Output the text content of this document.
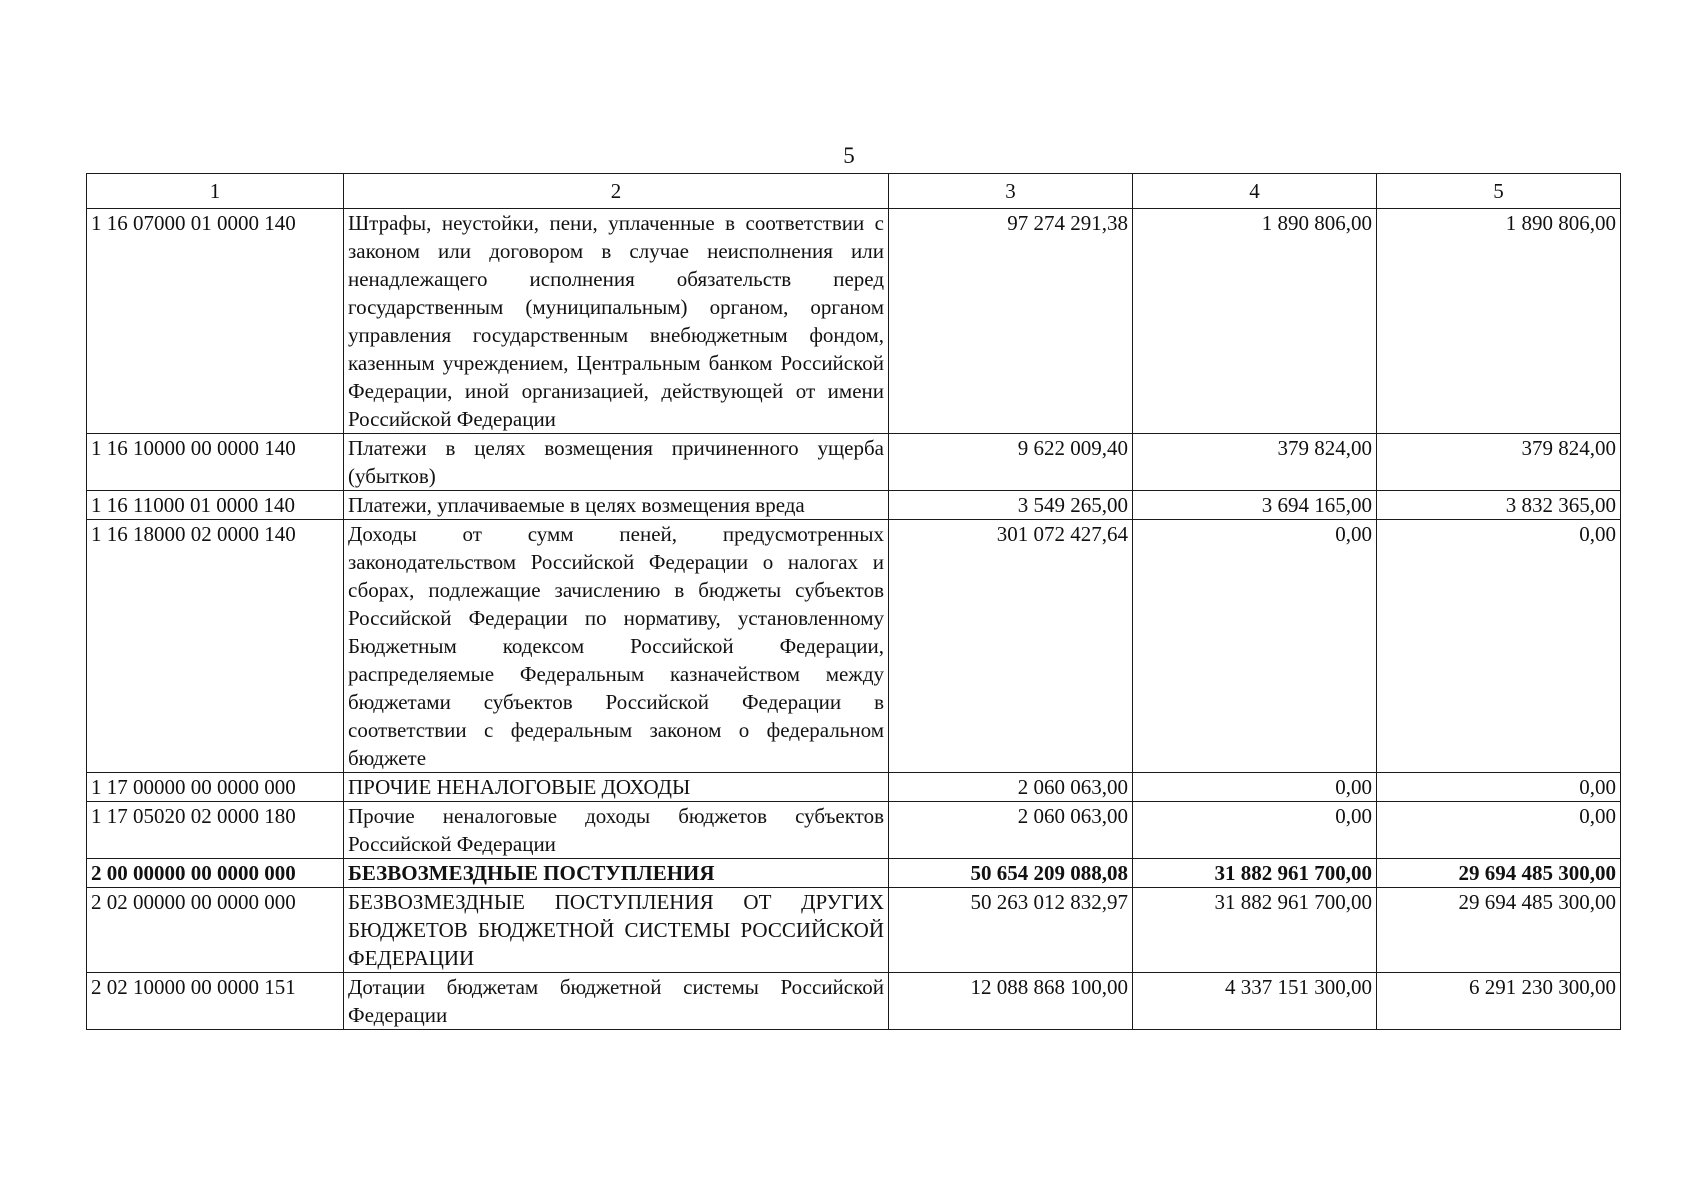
5
1	2	3	4	5
1 16 07000 01 0000 140	Штрафы, неустойки, пени, уплаченные в соответствии с законом или договором в случае неисполнения или ненадлежащего исполнения обязательств перед государственным (муниципальным) органом, органом управления государственным внебюджетным фондом, казенным учреждением, Центральным банком Российской Федерации, иной организацией, действующей от имени Российской Федерации	97 274 291,38	1 890 806,00	1 890 806,00
1 16 10000 00 0000 140	Платежи в целях возмещения причиненного ущерба (убытков)	9 622 009,40	379 824,00	379 824,00
1 16 11000 01 0000 140	Платежи, уплачиваемые в целях возмещения вреда	3 549 265,00	3 694 165,00	3 832 365,00
1 16 18000 02 0000 140	Доходы от сумм пеней, предусмотренных законодательством Российской Федерации о налогах и сборах, подлежащие зачислению в бюджеты субъектов Российской Федерации по нормативу, установленному Бюджетным кодексом Российской Федерации, распределяемые Федеральным казначейством между бюджетами субъектов Российской Федерации в соответствии с федеральным законом о федеральном бюджете	301 072 427,64	0,00	0,00
1 17 00000 00 0000 000	ПРОЧИЕ НЕНАЛОГОВЫЕ ДОХОДЫ	2 060 063,00	0,00	0,00
1 17 05020 02 0000 180	Прочие неналоговые доходы бюджетов субъектов Российской Федерации	2 060 063,00	0,00	0,00
2 00 00000 00 0000 000	БЕЗВОЗМЕЗДНЫЕ ПОСТУПЛЕНИЯ	50 654 209 088,08	31 882 961 700,00	29 694 485 300,00
2 02 00000 00 0000 000	БЕЗВОЗМЕЗДНЫЕ ПОСТУПЛЕНИЯ ОТ ДРУГИХ БЮДЖЕТОВ БЮДЖЕТНОЙ СИСТЕМЫ РОССИЙСКОЙ ФЕДЕРАЦИИ	50 263 012 832,97	31 882 961 700,00	29 694 485 300,00
2 02 10000 00 0000 151	Дотации бюджетам бюджетной системы Российской Федерации	12 088 868 100,00	4 337 151 300,00	6 291 230 300,00
